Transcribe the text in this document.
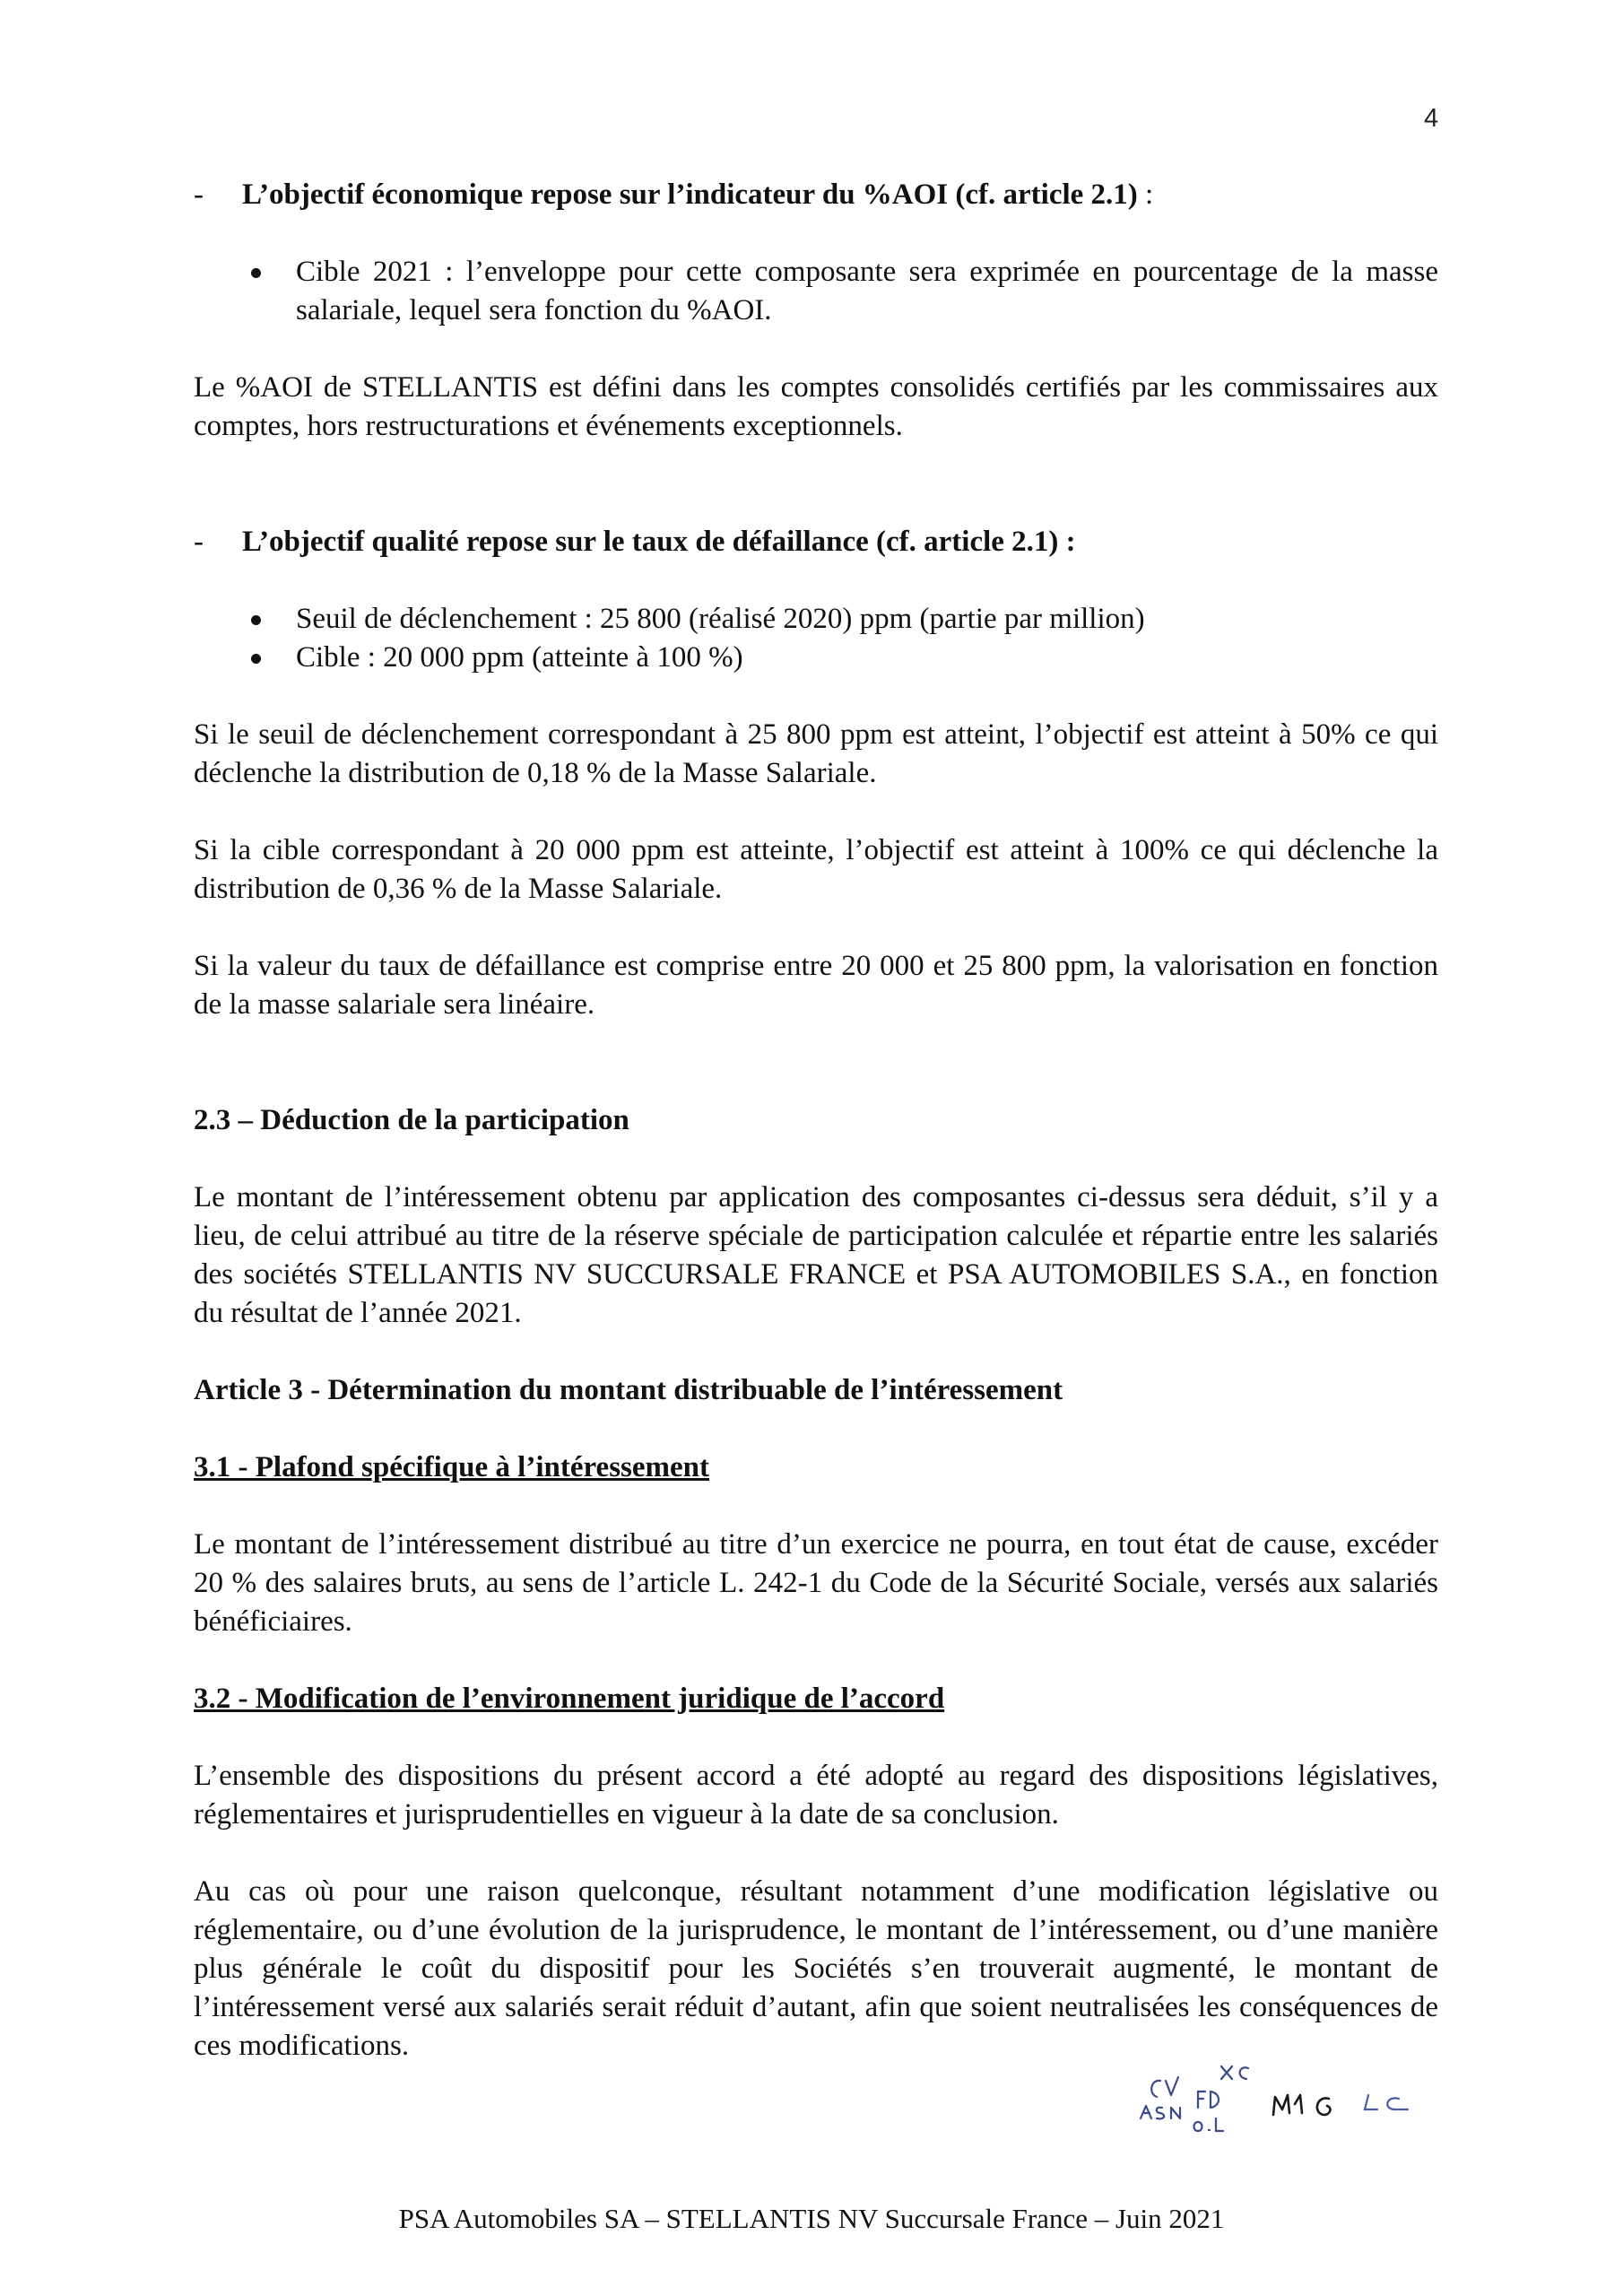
4
-	L’objectif économique repose sur l’indicateur du %AOI (cf. article 2.1) :
Cible 2021 : l’enveloppe pour cette composante sera exprimée en pourcentage de la masse salariale, lequel sera fonction du %AOI.

Le %AOI de STELLANTIS est défini dans les comptes consolidés certifiés par les commissaires aux comptes, hors restructurations et événements exceptionnels.

-	L’objectif qualité repose sur le taux de défaillance (cf. article 2.1) :
Seuil de déclenchement : 25 800 (réalisé 2020) ppm (partie par million)
Cible : 20 000 ppm (atteinte à 100 %)

Si le seuil de déclenchement correspondant à 25 800 ppm est atteint, l’objectif est atteint à 50% ce qui déclenche la distribution de 0,18 % de la Masse Salariale.

Si la cible correspondant à 20 000 ppm est atteinte, l’objectif est atteint à 100% ce qui déclenche la distribution de 0,36 % de la Masse Salariale.

Si la valeur du taux de défaillance est comprise entre 20 000 et 25 800 ppm, la valorisation en fonction de la masse salariale sera linéaire.

2.3 – Déduction de la participation

Le montant de l’intéressement obtenu par application des composantes ci-dessus sera déduit, s’il y a lieu, de celui attribué au titre de la réserve spéciale de participation calculée et répartie entre les salariés des sociétés STELLANTIS NV SUCCURSALE FRANCE et PSA AUTOMOBILES S.A., en fonction du résultat de l’année 2021.

Article 3 - Détermination du montant distribuable de l’intéressement
3.1 - Plafond spécifique à l’intéressement

Le montant de l’intéressement distribué au titre d’un exercice ne pourra, en tout état de cause, excéder 20 % des salaires bruts, au sens de l’article L. 242-1 du Code de la Sécurité Sociale, versés aux salariés bénéficiaires.

3.2 - Modification de l’environnement juridique de l’accord

L’ensemble des dispositions du présent accord a été adopté au regard des dispositions législatives, réglementaires et jurisprudentielles en vigueur à la date de sa conclusion.

Au cas où pour une raison quelconque, résultant notamment d’une modification législative ou réglementaire, ou d’une évolution de la jurisprudence, le montant de l’intéressement, ou d’une manière plus générale le coût du dispositif pour les Sociétés s’en trouverait augmenté, le montant de l’intéressement versé aux salariés serait réduit d’autant, afin que soient neutralisées les conséquences de ces modifications.

PSA Automobiles SA – STELLANTIS NV Succursale France – Juin 2021
